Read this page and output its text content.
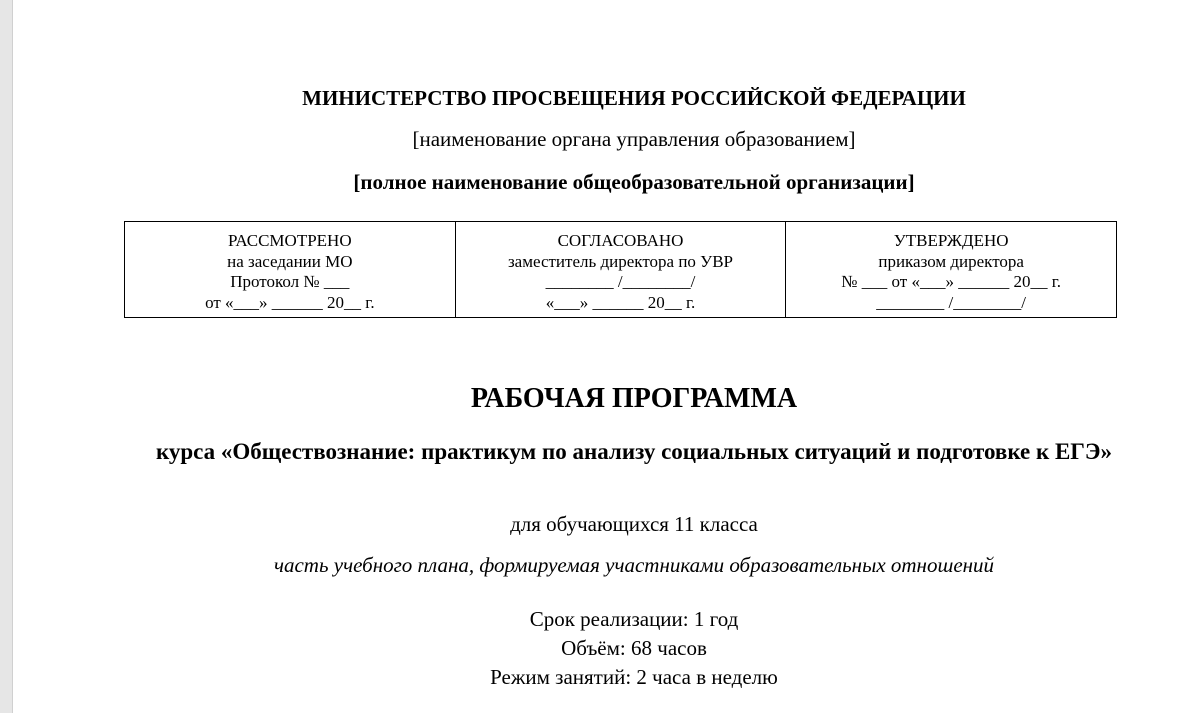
МИНИСТЕРСТВО ПРОСВЕЩЕНИЯ РОССИЙСКОЙ ФЕДЕРАЦИИ
[наименование органа управления образованием]
[полное наименование общеобразовательной организации]
РАССМОТРЕНО
на заседании МО
Протокол № ___
от «___» ______ 20__ г.

СОГЛАСОВАНО
заместитель директора по УВР
________ /________/
«___» ______ 20__ г.

УТВЕРЖДЕНО
приказом директора
№ ___ от «___» ______ 20__ г.
________ /________/
РАБОЧАЯ ПРОГРАММА
курса «Обществознание: практикум по анализу социальных ситуаций и подготовке к ЕГЭ»
для обучающихся 11 класса
часть учебного плана, формируемая участниками образовательных отношений
Срок реализации: 1 год
Объём: 68 часов
Режим занятий: 2 часа в неделю
